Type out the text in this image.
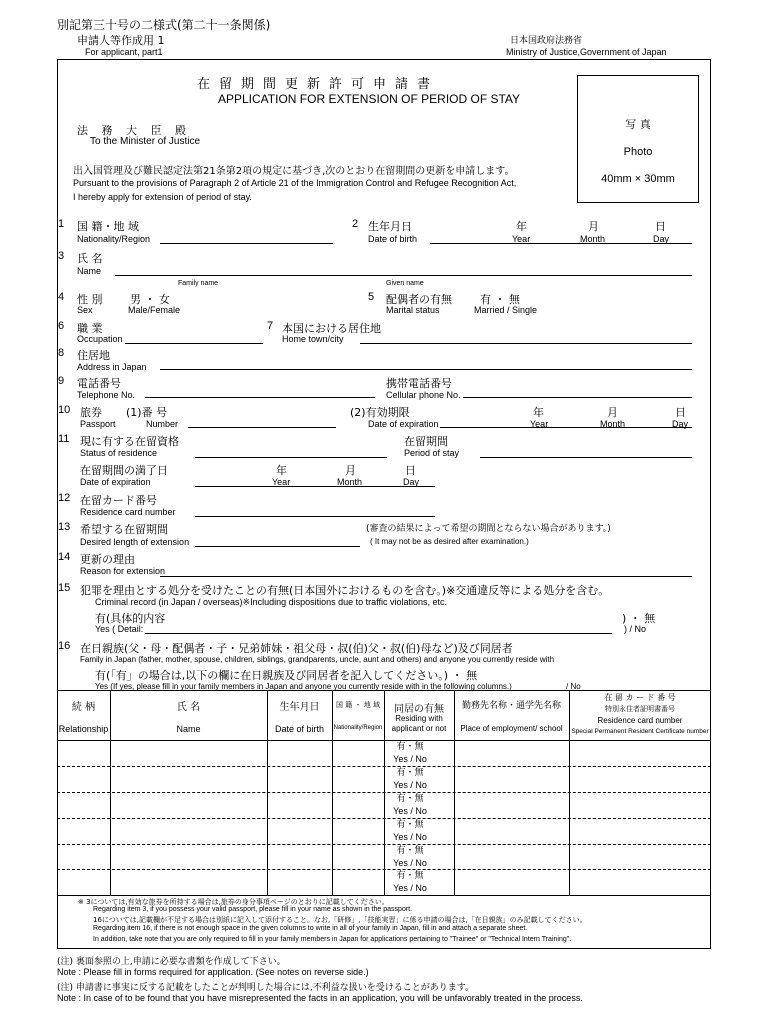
別記第三十号の二様式(第二十一条関係)
申請人等作成用 1
For applicant, part1
日本国政府法務省
Ministry of Justice,Government of Japan
在留期間更新許可申請書
APPLICATION FOR EXTENSION OF PERIOD OF STAY
写 真
Photo
40mm × 30mm
法 務 大 臣 殿
To the Minister of Justice
出入国管理及び難民認定法第21条第2項の規定に基づき,次のとおり在留期間の更新を申請します。
Pursuant to the provisions of Paragraph 2 of Article 21 of the Immigration Control and Refugee Recognition Act,
I hereby apply for extension of period of stay.
1 国 籍・地 域
Nationality/Region
2 生年月日
Date of birth
年
Year
月
Month
日
Day
3 氏 名
Name
Family name	Given name
4 性 別
Sex
男 ・ 女
Male/Female
5 配偶者の有無
Marital status
有 ・ 無
Married / Single
6 職 業
Occupation
7 本国における居住地
Home town/city
8 住居地
Address in Japan
9 電話番号
Telephone No.
携帯電話番号
Cellular phone No.
10 旅券
Passport
(1)番 号
Number
(2)有効期限
Date of expiration
年
Year
月
Month
日
Day
11 現に有する在留資格
Status of residence
在留期間
Period of stay
在留期間の満了日
Date of expiration
年
Year
月
Month
日
Day
12 在留カード番号
Residence card number
13 希望する在留期間
Desired length of extension
(審査の結果によって希望の期間とならない場合があります。)
( It may not be as desired after examination.)
14 更新の理由
Reason for extension
15 犯罪を理由とする処分を受けたことの有無(日本国外におけるものを含む。)※交通違反等による処分を含む。
Criminal record (in Japan / overseas)※Including dispositions due to traffic violations, etc.
有(具体的内容
Yes ( Detail:
) ・ 無
) / No
16 在日親族(父・母・配偶者・子・兄弟姉妹・祖父母・叔(伯)父・叔(伯)母など)及び同居者
Family in Japan (father, mother, spouse, children, siblings, grandparents, uncle, aunt and others) and anyone you currently reside with
有(「有」の場合は,以下の欄に在日親族及び同居者を記入してください。) ・ 無
Yes (If yes, please fill in your family members in Japan and anyone you currently reside with in the following columns.)	/ No
続 柄
Relationship
氏 名
Name
生年月日
Date of birth
国 籍 ・ 地 域
Nationality/Region
同居の有無
Residing with applicant or not
勤務先名称・通学先名称
Place of employment/ school
在 留 カ ー ド 番 号
特別永住者証明書番号
Residence card number
Special Permanent Resident Certificate number
有・無
Yes / No
有・無
Yes / No
有・無
Yes / No
有・無
Yes / No
有・無
Yes / No
有・無
Yes / No
※ 3については,有効な旅券を所持する場合は,旅券の身分事項ページのとおりに記載してください。
Regarding item 3, if you possess your valid passport, please fill in your name as shown in the passport.
16については,記載欄が不足する場合は別紙に記入して添付すること。なお,「研修」,「技能実習」に係る申請の場合は,「在日親族」のみ記載してください。
Regarding item 16, if there is not enough space in the given columns to write in all of your family in Japan, fill in and attach a separate sheet.
In addition, take note that you are only required to fill in your family members in Japan for applications pertaining to "Trainee" or "Technical Intern Training".
(注) 裏面参照の上,申請に必要な書類を作成して下さい。
Note : Please fill in forms required for application. (See notes on reverse side.)
(注) 申請書に事実に反する記載をしたことが判明した場合には,不利益な扱いを受けることがあります。
Note : In case of to be found that you have misrepresented the facts in an application, you will be unfavorably treated in the process.
